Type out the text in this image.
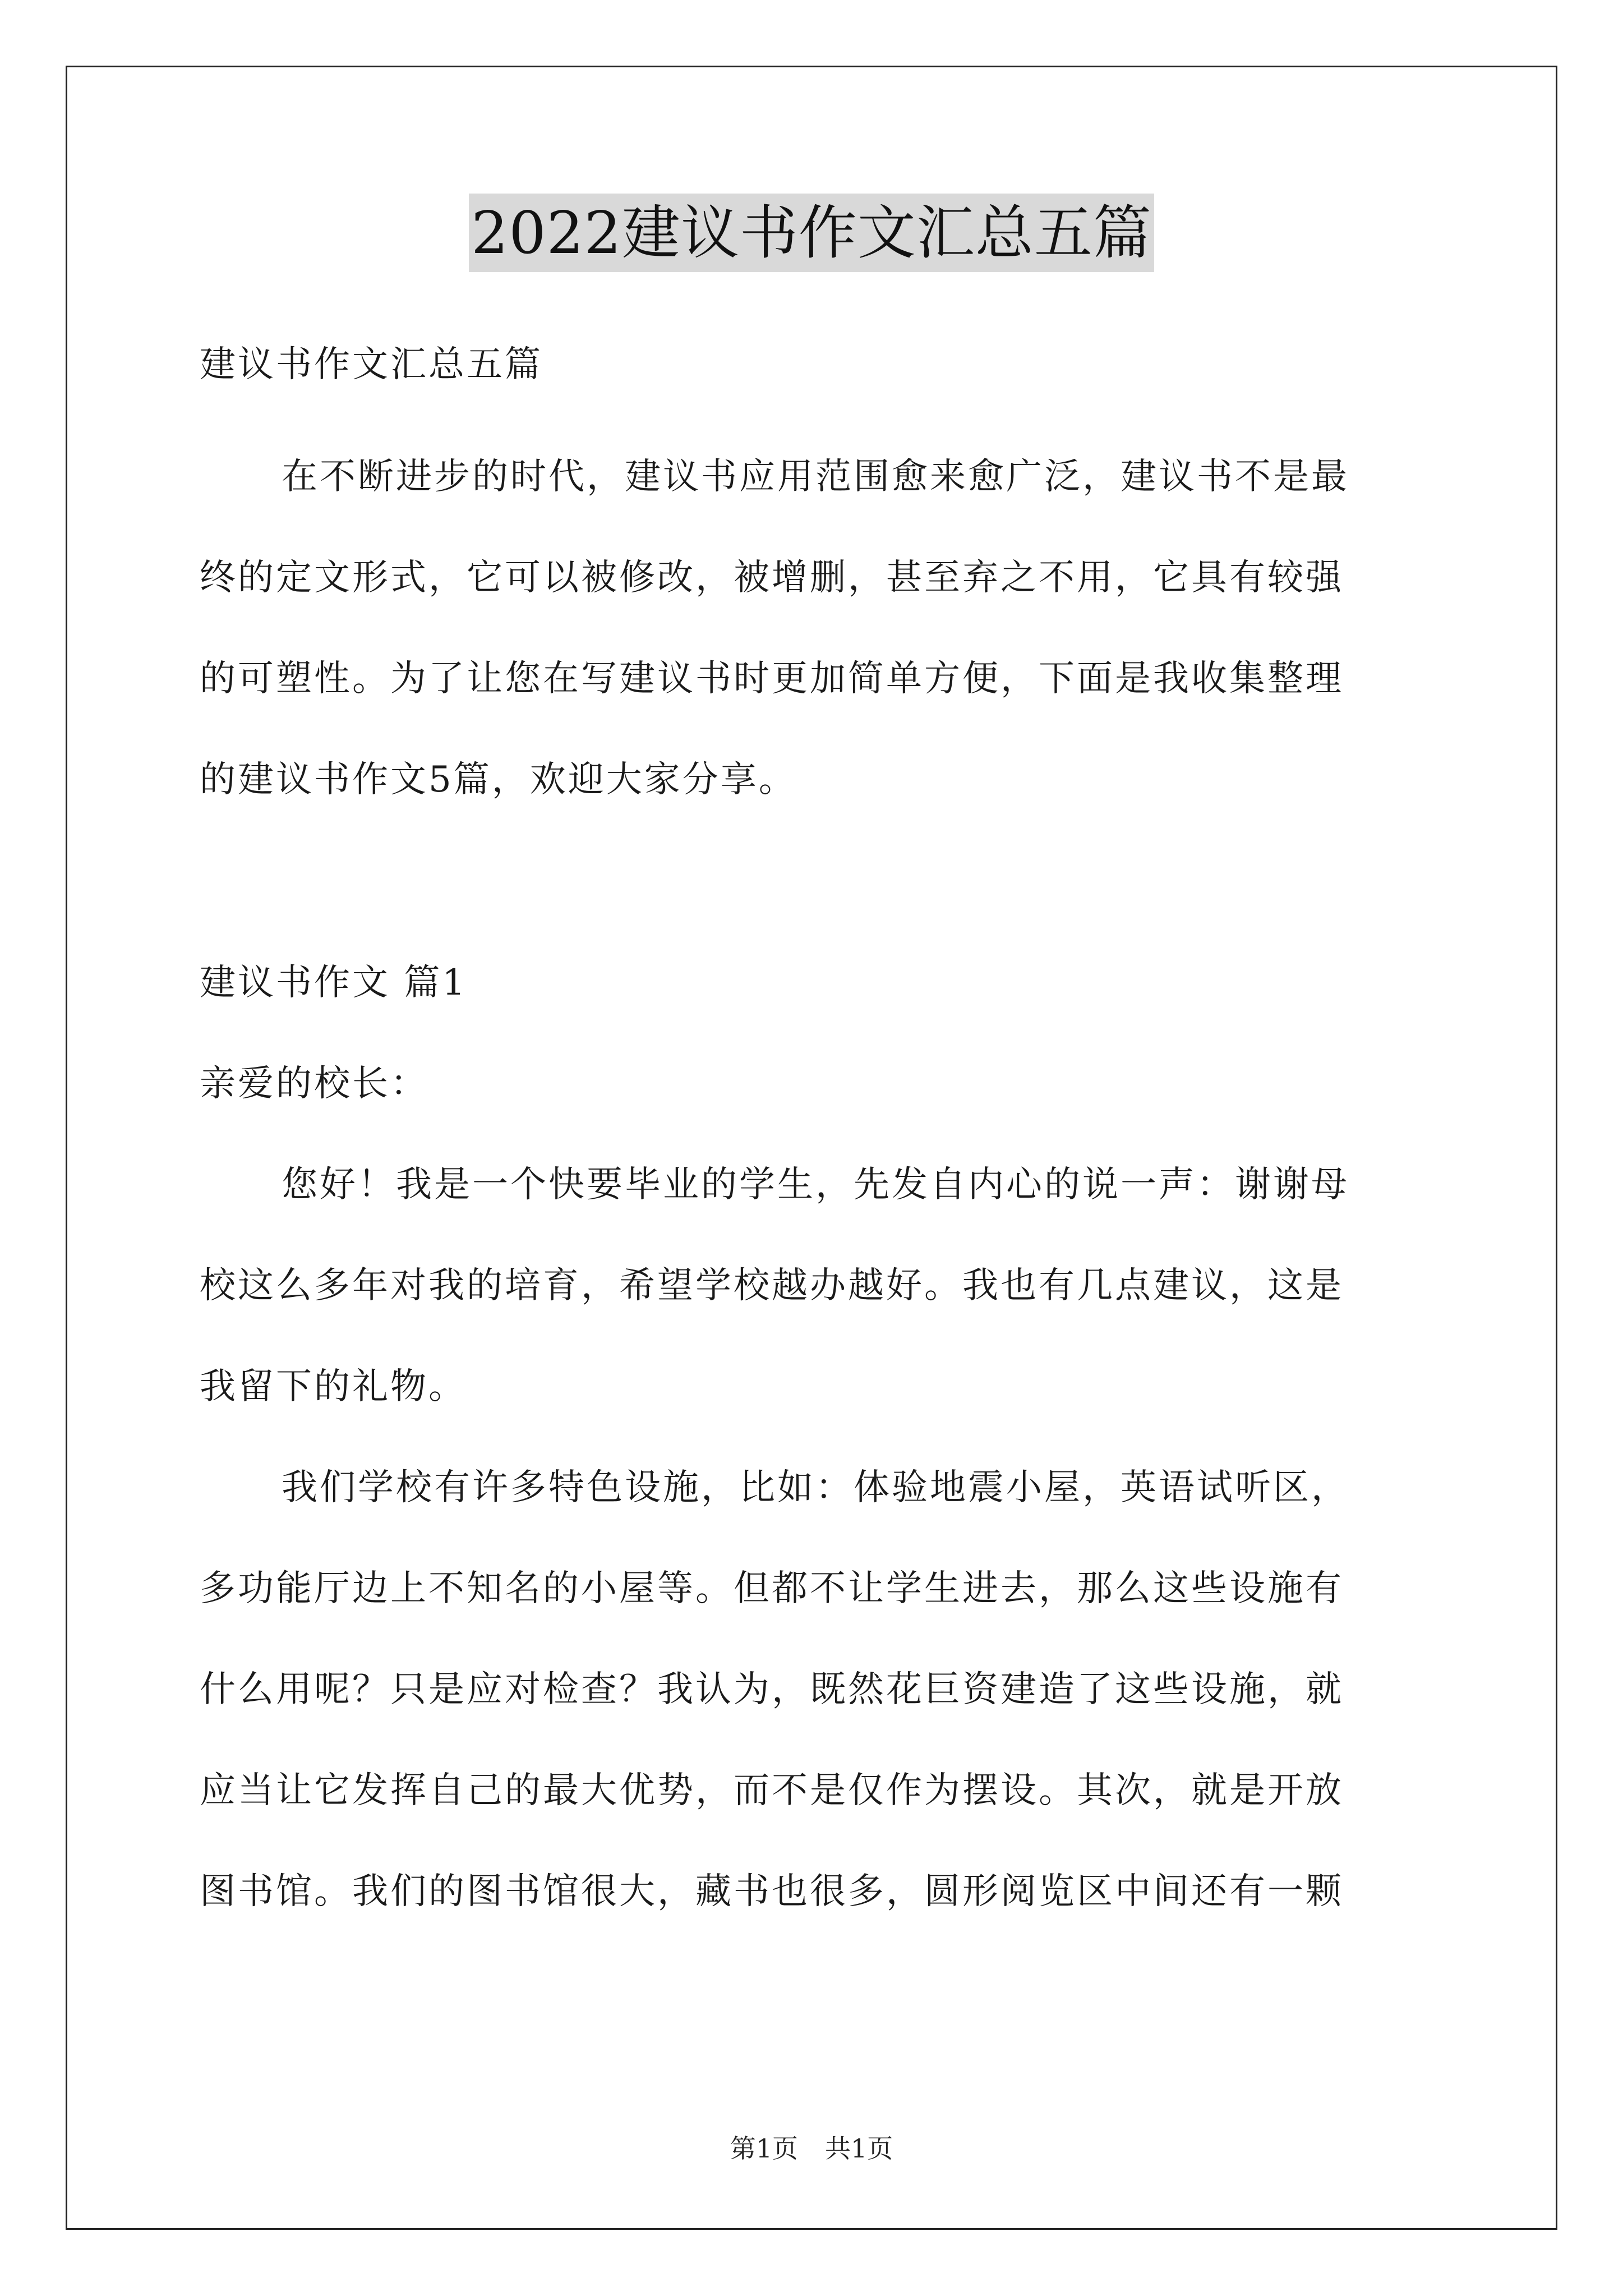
2022建议书作文汇总五篇
建议书作文汇总五篇
在不断进步的时代，建议书应用范围愈来愈广泛，建议书不是最
终的定文形式，它可以被修改，被增删，甚至弃之不用，它具有较强
的可塑性。为了让您在写建议书时更加简单方便，下面是我收集整理
的建议书作文5篇，欢迎大家分享。
建议书作文 篇1
亲爱的校长：
您好！我是一个快要毕业的学生，先发自内心的说一声：谢谢母
校这么多年对我的培育，希望学校越办越好。我也有几点建议，这是
我留下的礼物。
我们学校有许多特色设施，比如：体验地震小屋，英语试听区，
多功能厅边上不知名的小屋等。但都不让学生进去，那么这些设施有
什么用呢？只是应对检查？我认为，既然花巨资建造了这些设施，就
应当让它发挥自己的最大优势，而不是仅作为摆设。其次，就是开放
图书馆。我们的图书馆很大，藏书也很多，圆形阅览区中间还有一颗
第1页 共1页
